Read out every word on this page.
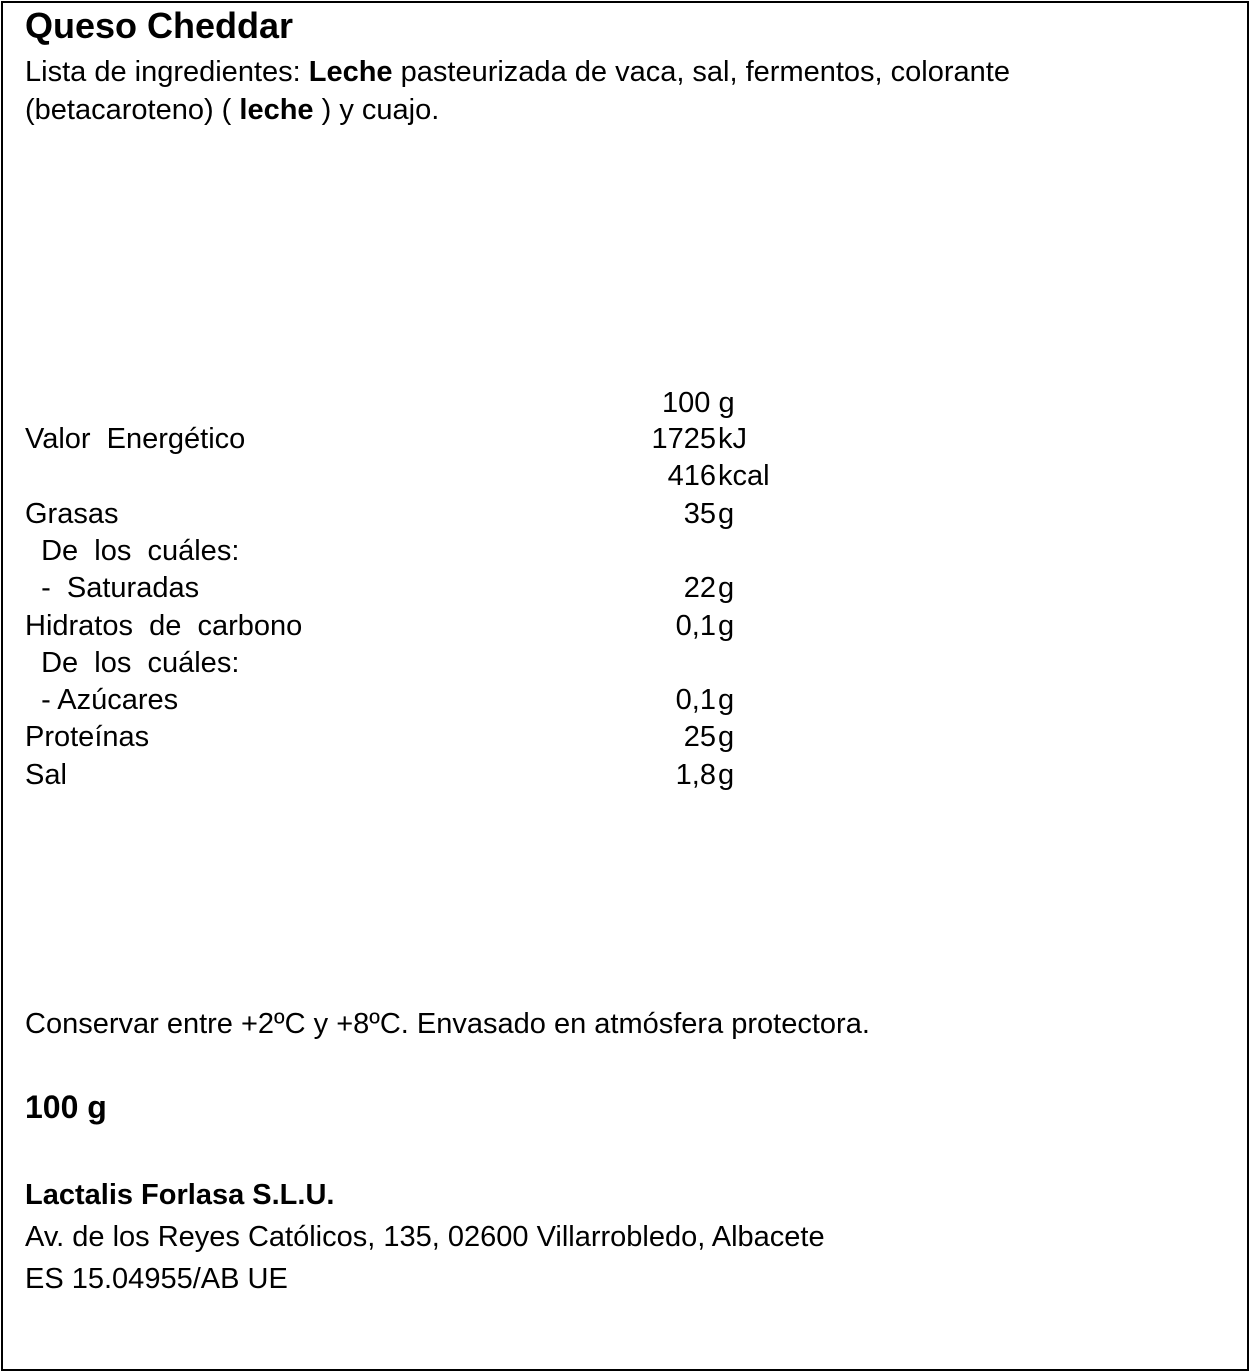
Queso Cheddar
Lista de ingredientes: Leche pasteurizada de vaca, sal, fermentos, colorante
(betacaroteno) ( leche ) y cuajo.
100 g
Valor  Energético	1725 kJ
416 kcal
Grasas	35 g
De  los  cuáles:
-  Saturadas	22 g
Hidratos  de  carbono	0,1 g
De  los  cuáles:
- Azúcares	0,1 g
Proteínas	25 g
Sal	1,8 g
Conservar entre +2ºC y +8ºC. Envasado en atmósfera protectora.
100 g
Lactalis Forlasa S.L.U.
Av. de los Reyes Católicos, 135, 02600 Villarrobledo, Albacete
ES 15.04955/AB UE
